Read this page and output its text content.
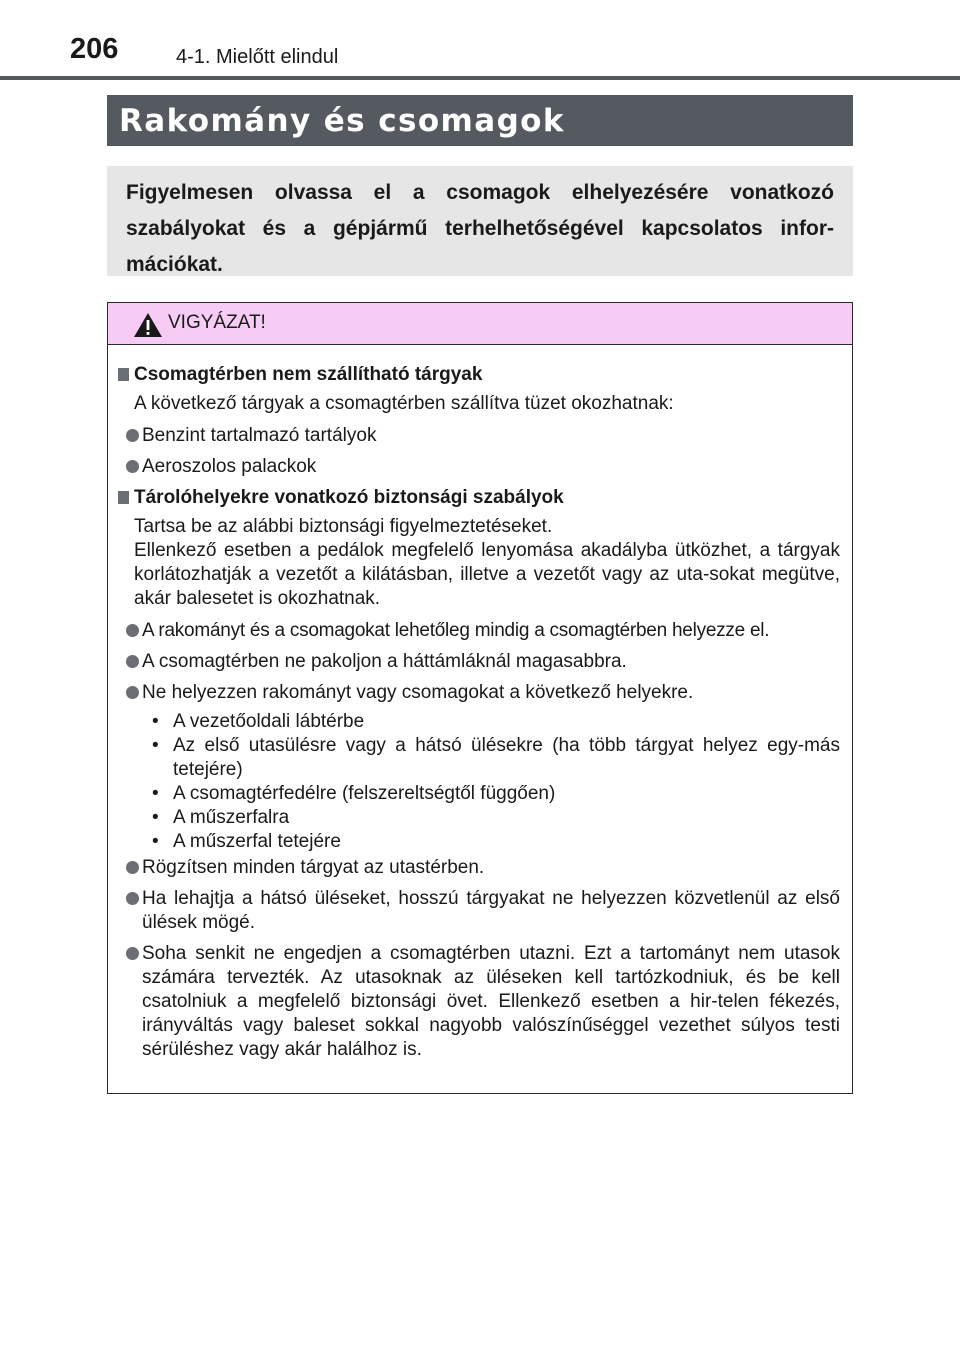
206	4-1. Mielőtt elindul
Rakomány és csomagok

Figyelmesen olvassa el a csomagok elhelyezésére vonatkozó szabályokat és a gépjármű terhelhetőségével kapcsolatos infor-mációkat.

VIGYÁZAT!
Csomagtérben nem szállítható tárgyak
A következő tárgyak a csomagtérben szállítva tüzet okozhatnak:
Benzint tartalmazó tartályok
Aeroszolos palackok
Tárolóhelyekre vonatkozó biztonsági szabályok
Tartsa be az alábbi biztonsági figyelmeztetéseket.
Ellenkező esetben a pedálok megfelelő lenyomása akadályba ütközhet, a tárgyak korlátozhatják a vezetőt a kilátásban, illetve a vezetőt vagy az uta-sokat megütve, akár balesetet is okozhatnak.
A rakományt és a csomagokat lehetőleg mindig a csomagtérben helyezze el.
A csomagtérben ne pakoljon a háttámláknál magasabbra.
Ne helyezzen rakományt vagy csomagokat a következő helyekre.
• A vezetőoldali lábtérbe
• Az első utasülésre vagy a hátsó ülésekre (ha több tárgyat helyez egy-más tetejére)
• A csomagtérfedélre (felszereltségtől függően)
• A műszerfalra
• A műszerfal tetejére
Rögzítsen minden tárgyat az utastérben.
Ha lehajtja a hátsó üléseket, hosszú tárgyakat ne helyezzen közvetlenül az első ülések mögé.
Soha senkit ne engedjen a csomagtérben utazni. Ezt a tartományt nem utasok számára tervezték. Az utasoknak az üléseken kell tartózkodniuk, és be kell csatolniuk a megfelelő biztonsági övet. Ellenkező esetben a hir-telen fékezés, irányváltás vagy baleset sokkal nagyobb valószínűséggel vezethet súlyos testi sérüléshez vagy akár halálhoz is.
